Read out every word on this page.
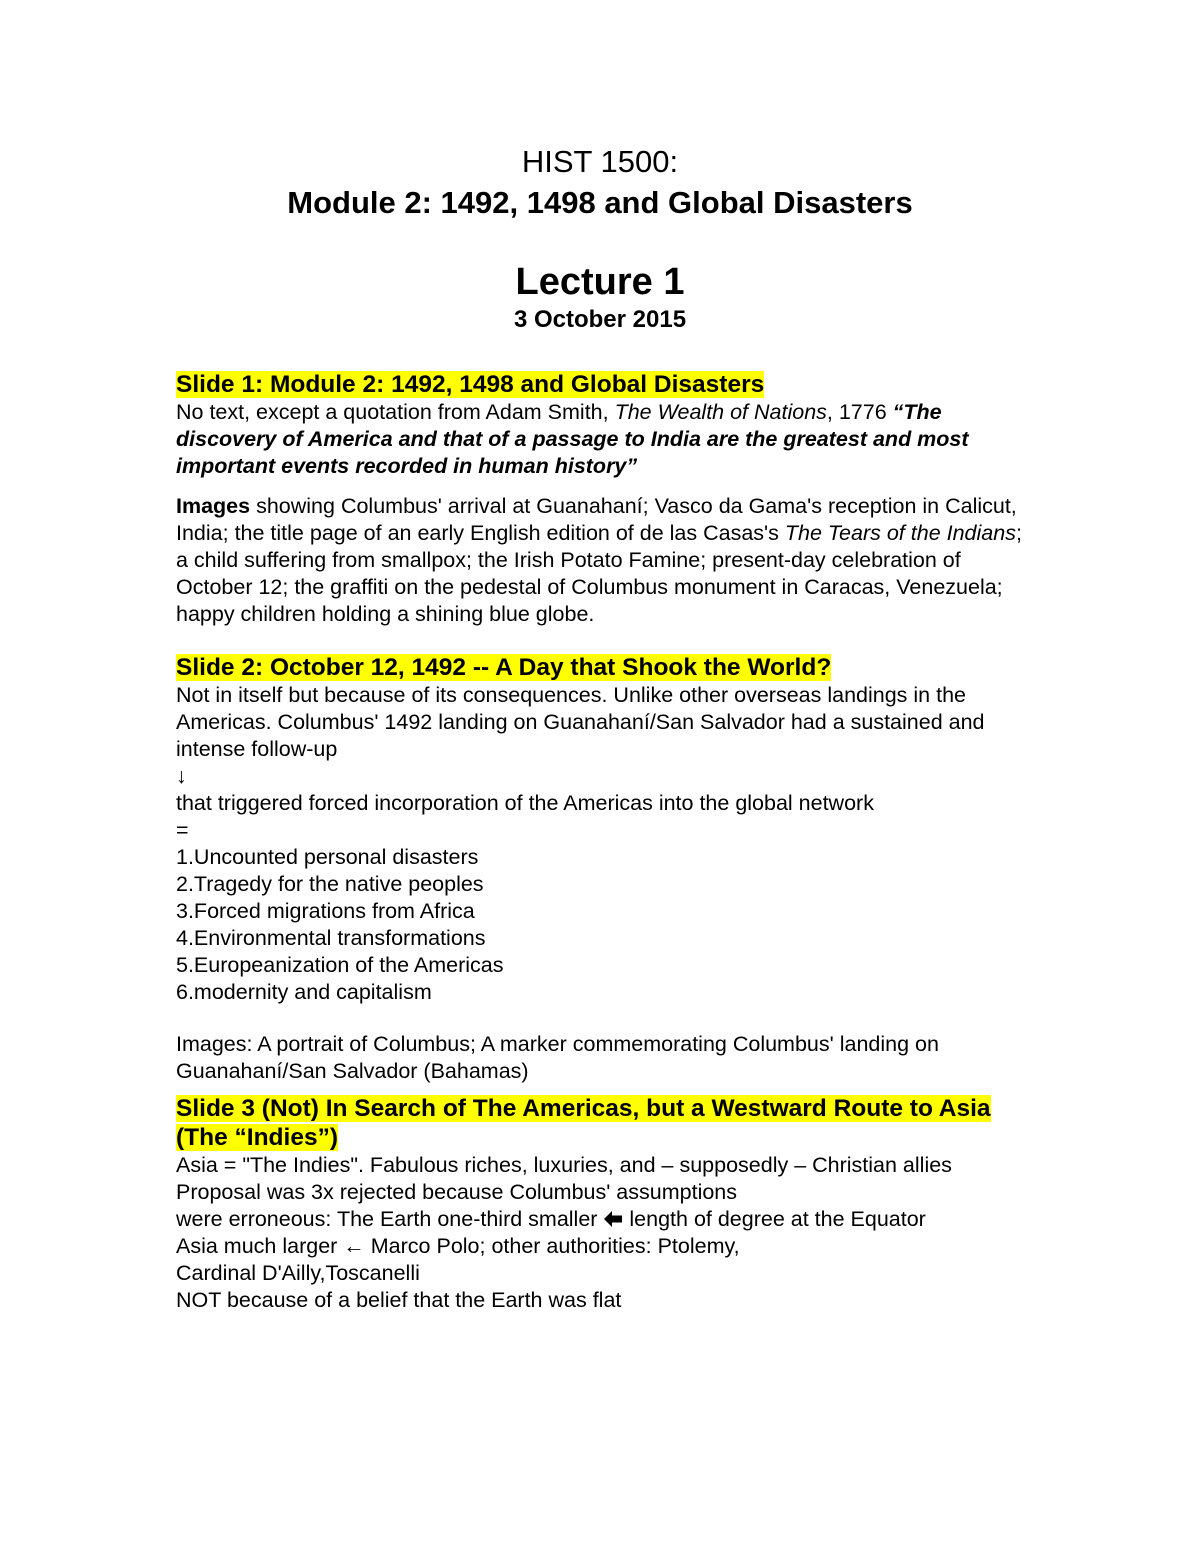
HIST 1500:
Module 2: 1492, 1498 and Global Disasters
Lecture 1
3 October 2015
Slide 1: Module 2: 1492, 1498 and Global Disasters

No text, except a quotation from Adam Smith, The Wealth of Nations, 1776 “The discovery of America and that of a passage to India are the greatest and most important events recorded in human history”

Images showing Columbus' arrival at Guanahaní; Vasco da Gama's reception in Calicut, India; the title page of an early English edition of de las Casas's The Tears of the Indians; a child suffering from smallpox; the Irish Potato Famine; present-day celebration of October 12; the graffiti on the pedestal of Columbus monument in Caracas, Venezuela; happy children holding a shining blue globe.

Slide 2: October 12, 1492 -- A Day that Shook the World?

Not in itself but because of its consequences. Unlike other overseas landings in the

Americas. Columbus' 1492 landing on Guanahaní/San Salvador had a sustained and intense follow-up

↓

that triggered forced incorporation of the Americas into the global network

=

1.Uncounted personal disasters

2.Tragedy for the native peoples

3.Forced migrations from Africa

4.Environmental transformations

5.Europeanization of the Americas

6.modernity and capitalism

Images: A portrait of Columbus; A marker commemorating Columbus' landing on Guanahaní/San Salvador (Bahamas)

Slide 3 (Not) In Search of The Americas, but a Westward Route to Asia (The “Indies”)

Asia = "The Indies". Fabulous riches, luxuries, and – supposedly – Christian allies

Proposal was 3x rejected because Columbus' assumptions

were erroneous: The Earth one-third smaller  length of degree at the Equator

Asia much larger ← Marco Polo; other authorities: Ptolemy,

Cardinal D'Ailly,Toscanelli

NOT because of a belief that the Earth was flat
